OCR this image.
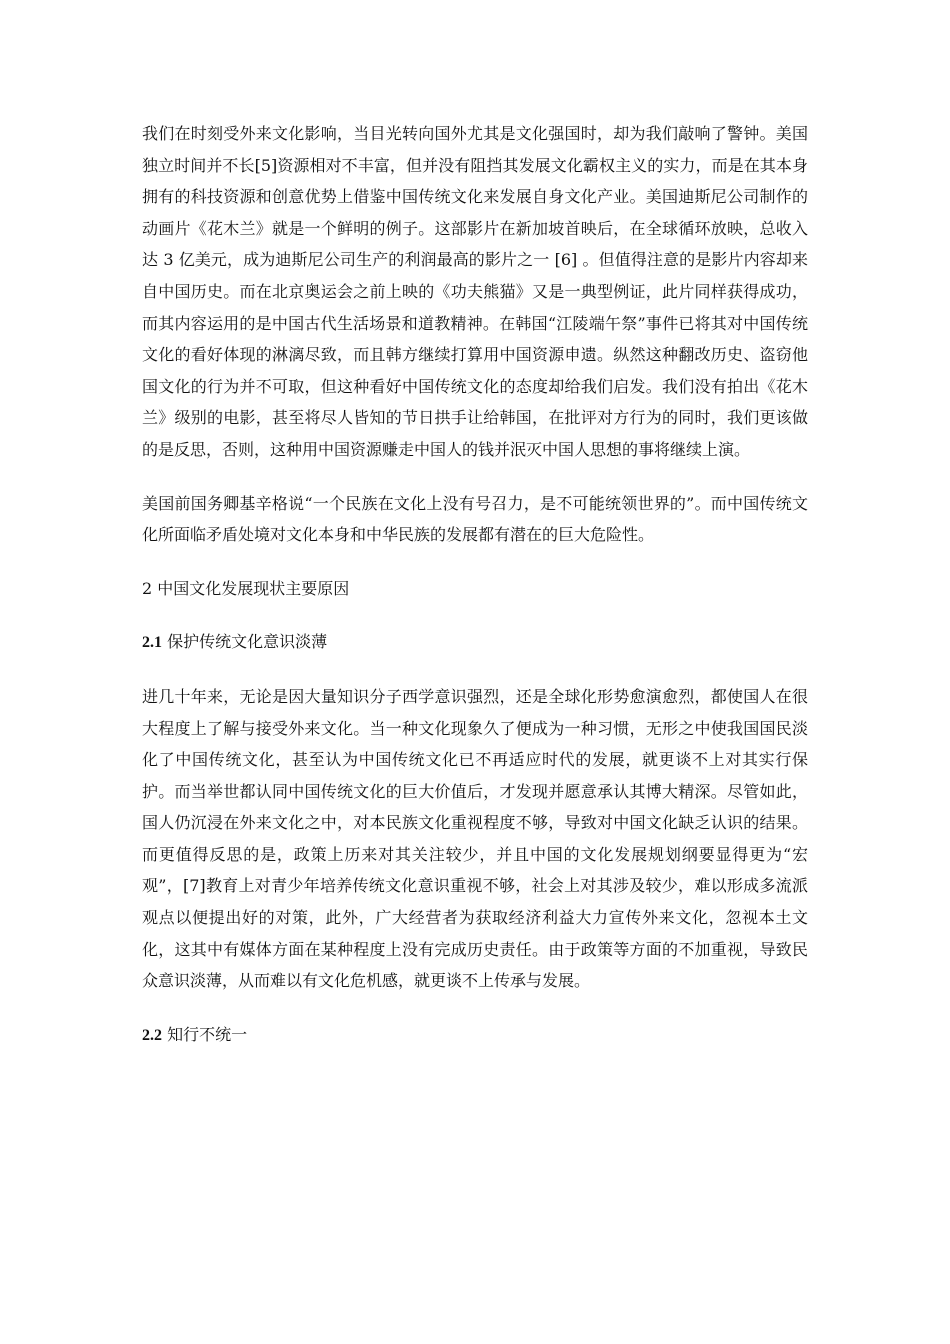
我们在时刻受外来文化影响，当目光转向国外尤其是文化强国时，却为我们敲响了警钟。美国独立时间并不长[5]资源相对不丰富，但并没有阻挡其发展文化霸权主义的实力，而是在其本身拥有的科技资源和创意优势上借鉴中国传统文化来发展自身文化产业。美国迪斯尼公司制作的动画片《花木兰》就是一个鲜明的例子。这部影片在新加坡首映后，在全球循环放映，总收入达 3 亿美元，成为迪斯尼公司生产的利润最高的影片之一 [6] 。但值得注意的是影片内容却来自中国历史。而在北京奥运会之前上映的《功夫熊猫》又是一典型例证，此片同样获得成功，而其内容运用的是中国古代生活场景和道教精神。在韩国“江陵端午祭”事件已将其对中国传统文化的看好体现的淋漓尽致，而且韩方继续打算用中国资源申遗。纵然这种翻改历史、盗窃他国文化的行为并不可取，但这种看好中国传统文化的态度却给我们启发。我们没有拍出《花木兰》级别的电影，甚至将尽人皆知的节日拱手让给韩国，在批评对方行为的同时，我们更该做的是反思，否则，这种用中国资源赚走中国人的钱并泯灭中国人思想的事将继续上演。

美国前国务卿基辛格说“一个民族在文化上没有号召力，是不可能统领世界的”。而中国传统文化所面临矛盾处境对文化本身和中华民族的发展都有潜在的巨大危险性。

2 中国文化发展现状主要原因

2.1 保护传统文化意识淡薄

进几十年来，无论是因大量知识分子西学意识强烈，还是全球化形势愈演愈烈，都使国人在很大程度上了解与接受外来文化。当一种文化现象久了便成为一种习惯，无形之中使我国国民淡化了中国传统文化，甚至认为中国传统文化已不再适应时代的发展，就更谈不上对其实行保护。而当举世都认同中国传统文化的巨大价值后，才发现并愿意承认其博大精深。尽管如此，国人仍沉浸在外来文化之中，对本民族文化重视程度不够，导致对中国文化缺乏认识的结果。而更值得反思的是，政策上历来对其关注较少，并且中国的文化发展规划纲要显得更为“宏观”，[7]教育上对青少年培养传统文化意识重视不够，社会上对其涉及较少，难以形成多流派观点以便提出好的对策，此外，广大经营者为获取经济利益大力宣传外来文化，忽视本土文化，这其中有媒体方面在某种程度上没有完成历史责任。由于政策等方面的不加重视，导致民众意识淡薄，从而难以有文化危机感，就更谈不上传承与发展。

2.2 知行不统一
